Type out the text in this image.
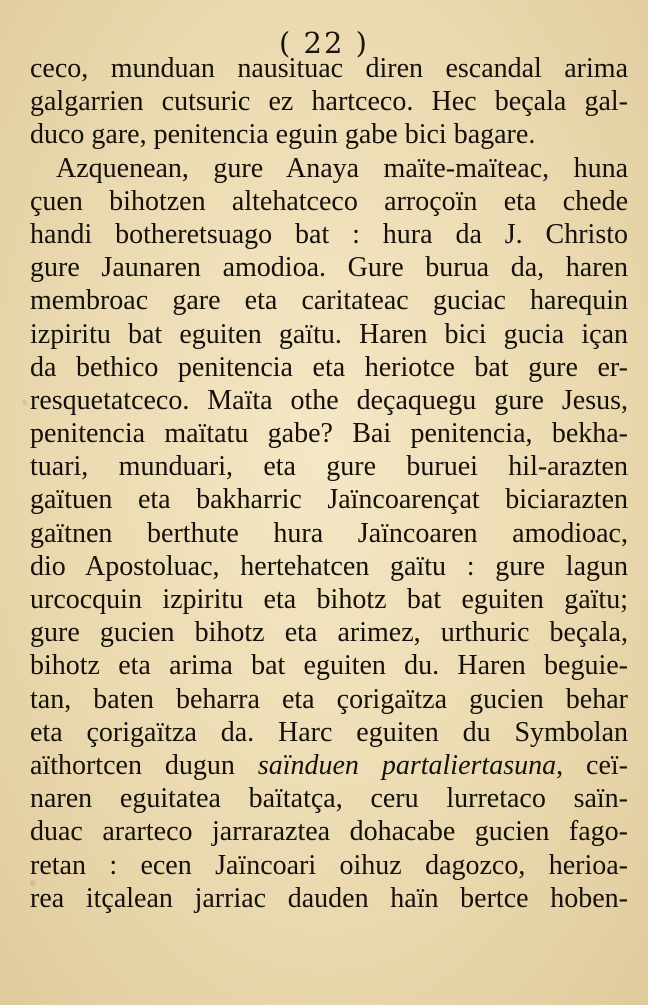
( 22 )
ceco, munduan nausituac diren escandal arima
galgarrien cutsuric ez hartceco. Hec beçala gal-
duco gare, penitencia eguin gabe bici bagare.
Azquenean, gure Anaya maïte-maïteac, huna
çuen bihotzen altehatceco arroçoïn eta chede
handi botheretsuago bat : hura da J. Christo
gure Jaunaren amodioa. Gure burua da, haren
membroac gare eta caritateac guciac harequin
izpiritu bat eguiten gaïtu. Haren bici gucia içan
da bethico penitencia eta heriotce bat gure er-
resquetatceco. Maïta othe deçaquegu gure Jesus,
penitencia maïtatu gabe? Bai penitencia, bekha-
tuari, munduari, eta gure buruei hil-arazten
gaïtuen eta bakharric Jaïncoarençat biciarazten
gaïtnen berthute hura Jaïncoaren amodioac,
dio Apostoluac, hertehatcen gaïtu : gure lagun
urcocquin izpiritu eta bihotz bat eguiten gaïtu;
gure gucien bihotz eta arimez, urthuric beçala,
bihotz eta arima bat eguiten du. Haren beguie-
tan, baten beharra eta çorigaïtza gucien behar
eta çorigaïtza da. Harc eguiten du Symbolan
aïthortcen dugun saïnduen partaliertasuna, ceï-
naren eguitatea baïtatça, ceru lurretaco saïn-
duac ararteco jarraraztea dohacabe gucien fago-
retan : ecen Jaïncoari oihuz dagozco, herioa-
rea itçalean jarriac dauden haïn bertce hoben-
